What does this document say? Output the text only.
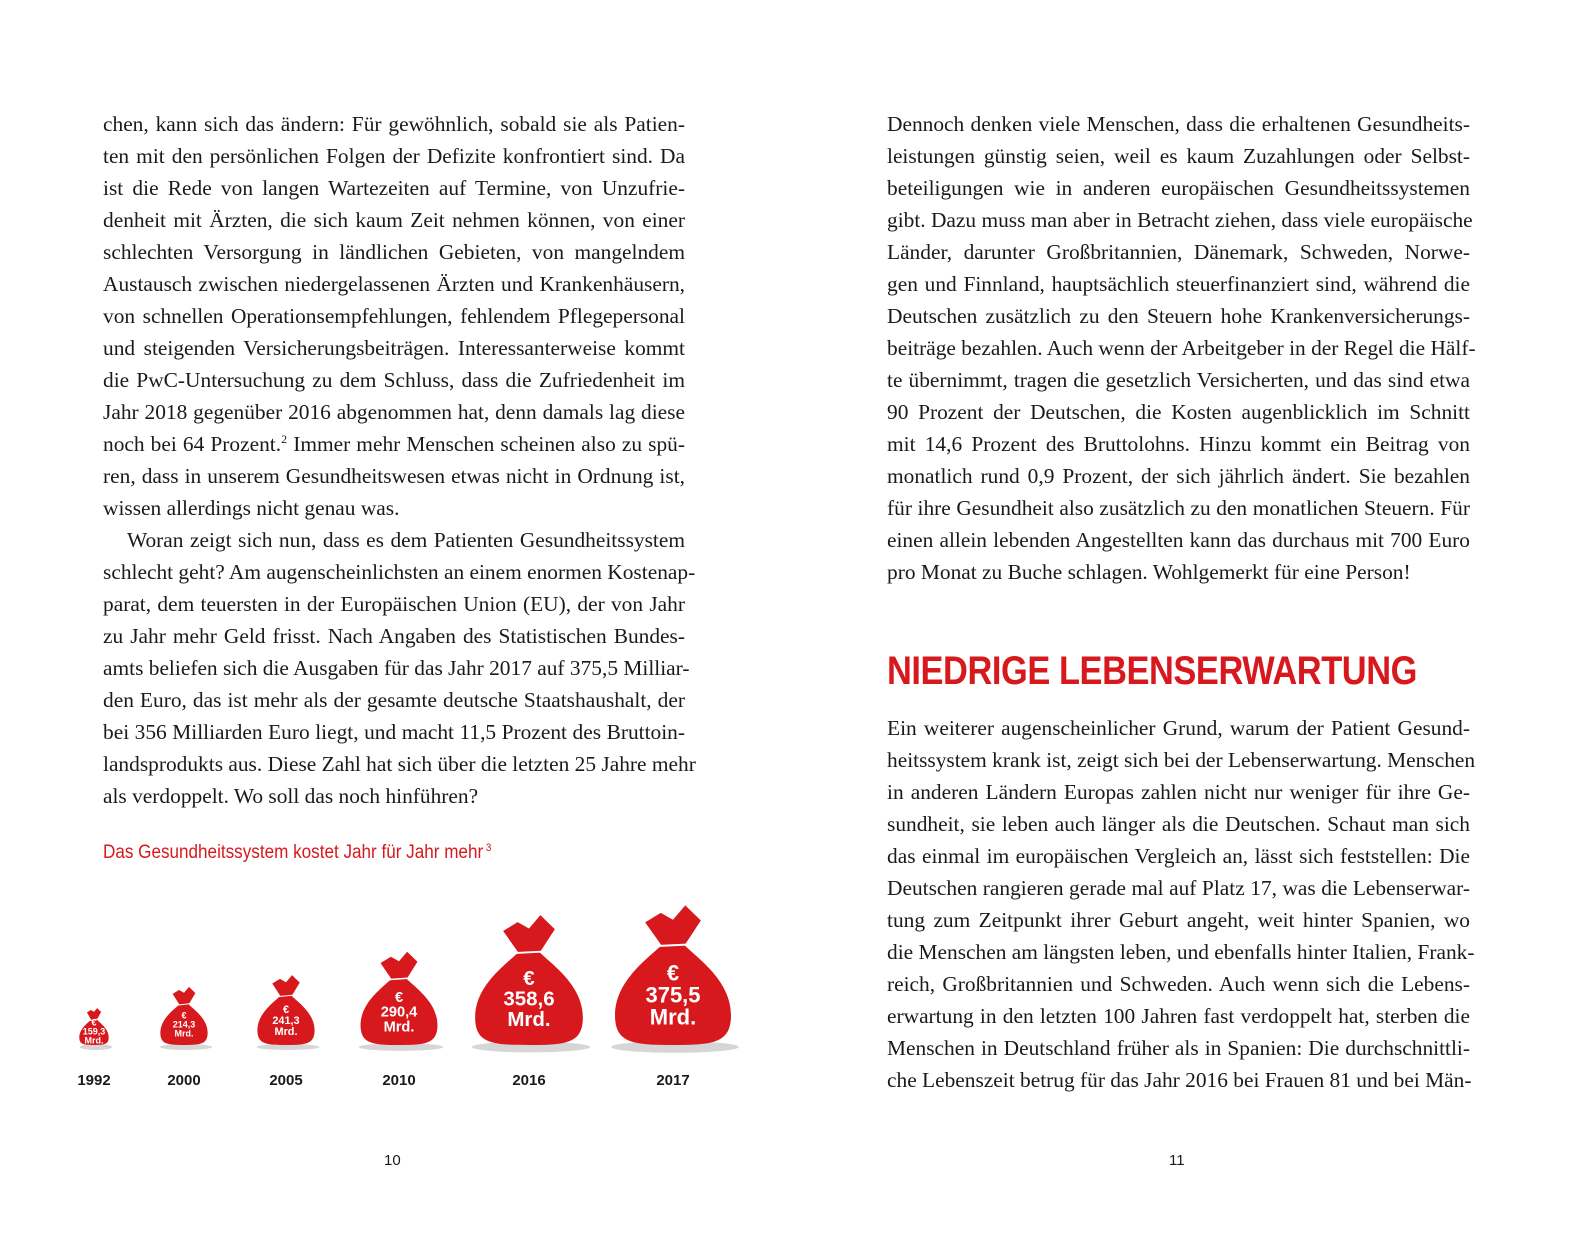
chen, kann sich das ändern: Für gewöhnlich, sobald sie als Patien-
ten mit den persönlichen Folgen der Defizite konfrontiert sind. Da
ist die Rede von langen Wartezeiten auf Termine, von Unzufrie-
denheit mit Ärzten, die sich kaum Zeit nehmen können, von einer
schlechten Versorgung in ländlichen Gebieten, von mangelndem
Austausch zwischen niedergelassenen Ärzten und Krankenhäusern,
von schnellen Operationsempfehlungen, fehlendem Pflegepersonal
und steigenden Versicherungsbeiträgen. Interessanterweise kommt
die PwC-Untersuchung zu dem Schluss, dass die Zufriedenheit im
Jahr 2018 gegenüber 2016 abgenommen hat, denn damals lag diese
noch bei 64 Prozent.$^2$ Immer mehr Menschen scheinen also zu spü-
ren, dass in unserem Gesundheitswesen etwas nicht in Ordnung ist,
wissen allerdings nicht genau was.
Woran zeigt sich nun, dass es dem Patienten Gesundheitssystem
schlecht geht? Am augenscheinlichsten an einem enormen Kostenap-
parat, dem teuersten in der Europäischen Union (EU), der von Jahr
zu Jahr mehr Geld frisst. Nach Angaben des Statistischen Bundes-
amts beliefen sich die Ausgaben für das Jahr 2017 auf 375,5 Milliar-
den Euro, das ist mehr als der gesamte deutsche Staatshaushalt, der
bei 356 Milliarden Euro liegt, und macht 11,5 Prozent des Bruttoin-
landsprodukts aus. Diese Zahl hat sich über die letzten 25 Jahre mehr
als verdoppelt. Wo soll das noch hinführen?
Das Gesundheitssystem kostet Jahr für Jahr mehr $^3$
€
159,3
Mrd.
1992
€
214,3
Mrd.
2000
€
241,3
Mrd.
2005
€
290,4
Mrd.
2010
€
358,6
Mrd.
2016
€
375,5
Mrd.
2017
10
Dennoch denken viele Menschen, dass die erhaltenen Gesundheits-
leistungen günstig seien, weil es kaum Zuzahlungen oder Selbst-
beteiligungen wie in anderen europäischen Gesundheitssystemen
gibt. Dazu muss man aber in Betracht ziehen, dass viele europäische
Länder, darunter Großbritannien, Dänemark, Schweden, Norwe-
gen und Finnland, hauptsächlich steuerfinanziert sind, während die
Deutschen zusätzlich zu den Steuern hohe Krankenversicherungs-
beiträge bezahlen. Auch wenn der Arbeitgeber in der Regel die Hälf-
te übernimmt, tragen die gesetzlich Versicherten, und das sind etwa
90 Prozent der Deutschen, die Kosten augenblicklich im Schnitt
mit 14,6 Prozent des Bruttolohns. Hinzu kommt ein Beitrag von
monatlich rund 0,9 Prozent, der sich jährlich ändert. Sie bezahlen
für ihre Gesundheit also zusätzlich zu den monatlichen Steuern. Für
einen allein lebenden Angestellten kann das durchaus mit 700 Euro
pro Monat zu Buche schlagen. Wohlgemerkt für eine Person!
NIEDRIGE LEBENSERWARTUNG
Ein weiterer augenscheinlicher Grund, warum der Patient Gesund-
heitssystem krank ist, zeigt sich bei der Lebenserwartung. Menschen
in anderen Ländern Europas zahlen nicht nur weniger für ihre Ge-
sundheit, sie leben auch länger als die Deutschen. Schaut man sich
das einmal im europäischen Vergleich an, lässt sich feststellen: Die
Deutschen rangieren gerade mal auf Platz 17, was die Lebenserwar-
tung zum Zeitpunkt ihrer Geburt angeht, weit hinter Spanien, wo
die Menschen am längsten leben, und ebenfalls hinter Italien, Frank-
reich, Großbritannien und Schweden. Auch wenn sich die Lebens-
erwartung in den letzten 100 Jahren fast verdoppelt hat, sterben die
Menschen in Deutschland früher als in Spanien: Die durchschnittli-
che Lebenszeit betrug für das Jahr 2016 bei Frauen 81 und bei Män-
11
